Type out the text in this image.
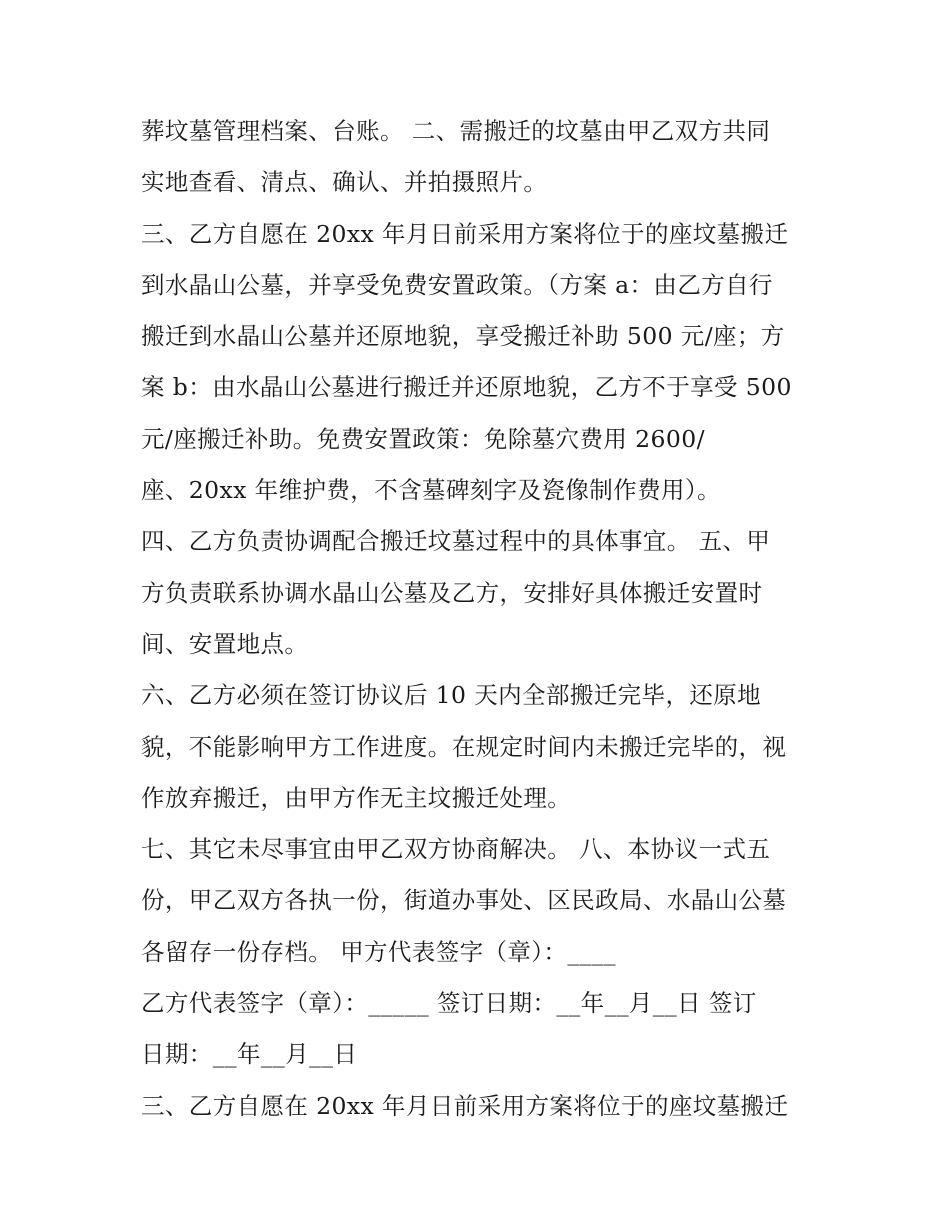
葬坟墓管理档案、台账。 二、需搬迁的坟墓由甲乙双方共同
实地查看、清点、确认、并拍摄照片。
三、乙方自愿在 20xx 年月日前采用方案将位于的座坟墓搬迁
到水晶山公墓，并享受免费安置政策。（方案 a：由乙方自行
搬迁到水晶山公墓并还原地貌，享受搬迁补助 500 元/座；方
案 b：由水晶山公墓进行搬迁并还原地貌，乙方不于享受 500
元/座搬迁补助。免费安置政策：免除墓穴费用 2600/
座、20xx 年维护费，不含墓碑刻字及瓷像制作费用）。
四、乙方负责协调配合搬迁坟墓过程中的具体事宜。 五、甲
方负责联系协调水晶山公墓及乙方，安排好具体搬迁安置时
间、安置地点。
六、乙方必须在签订协议后 10 天内全部搬迁完毕，还原地
貌，不能影响甲方工作进度。在规定时间内未搬迁完毕的，视
作放弃搬迁，由甲方作无主坟搬迁处理。
七、其它未尽事宜由甲乙双方协商解决。 八、本协议一式五
份，甲乙双方各执一份，街道办事处、区民政局、水晶山公墓
各留存一份存档。 甲方代表签字（章）：____
乙方代表签字（章）：_____ 签订日期：__年__月__日 签订
日期：__年__月__日
三、乙方自愿在 20xx 年月日前采用方案将位于的座坟墓搬迁
